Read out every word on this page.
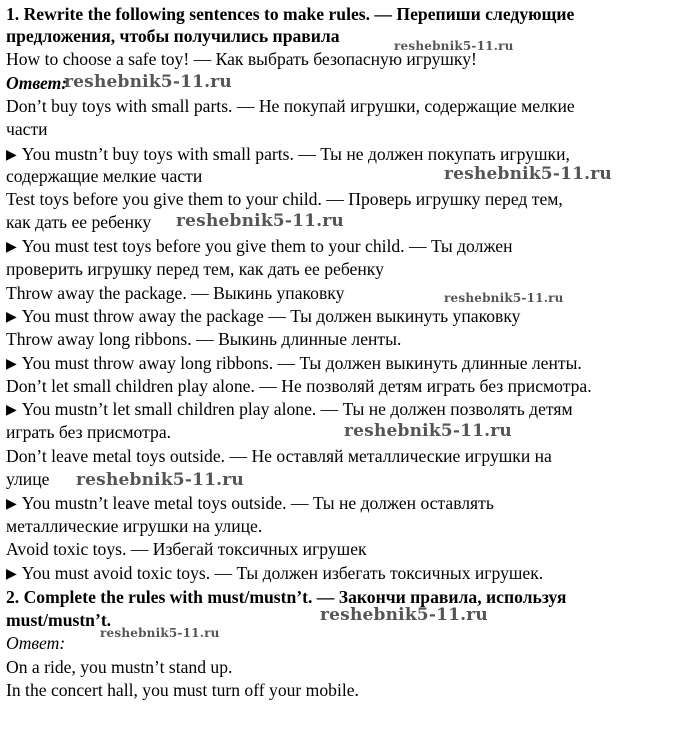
1. Rewrite the following sentences to make rules. — Перепиши следующие
предложения, чтобы получились правила
How to choose a safe toy! — Как выбрать безопасную игрушку!
Ответ:
Don’t buy toys with small parts. — Не покупай игрушки, содержащие мелкие
части
▶ You mustn’t buy toys with small parts. — Ты не должен покупать игрушки,
содержащие мелкие части
Test toys before you give them to your child. — Проверь игрушку перед тем,
как дать ее ребенку
▶ You must test toys before you give them to your child. — Ты должен
проверить игрушку перед тем, как дать ее ребенку
Throw away the package. — Выкинь упаковку
▶ You must throw away the package — Ты должен выкинуть упаковку
Throw away long ribbons. — Выкинь длинные ленты.
▶ You must throw away long ribbons. — Ты должен выкинуть длинные ленты.
Don’t let small children play alone. — Не позволяй детям играть без присмотра.
▶ You mustn’t let small children play alone. — Ты не должен позволять детям
играть без присмотра.
Don’t leave metal toys outside. — Не оставляй металлические игрушки на
улице
▶ You mustn’t leave metal toys outside. — Ты не должен оставлять
металлические игрушки на улице.
Avoid toxic toys. — Избегай токсичных игрушек
▶ You must avoid toxic toys. — Ты должен избегать токсичных игрушек.
2. Complete the rules with must/mustn’t. — Закончи правила, используя
must/mustn’t.
Ответ:
On a ride, you mustn’t stand up.
In the concert hall, you must turn off your mobile.
reshebnik5-11.ru
reshebnik5-11.ru
reshebnik5-11.ru
reshebnik5-11.ru
reshebnik5-11.ru
reshebnik5-11.ru
reshebnik5-11.ru
reshebnik5-11.ru
reshebnik5-11.ru
